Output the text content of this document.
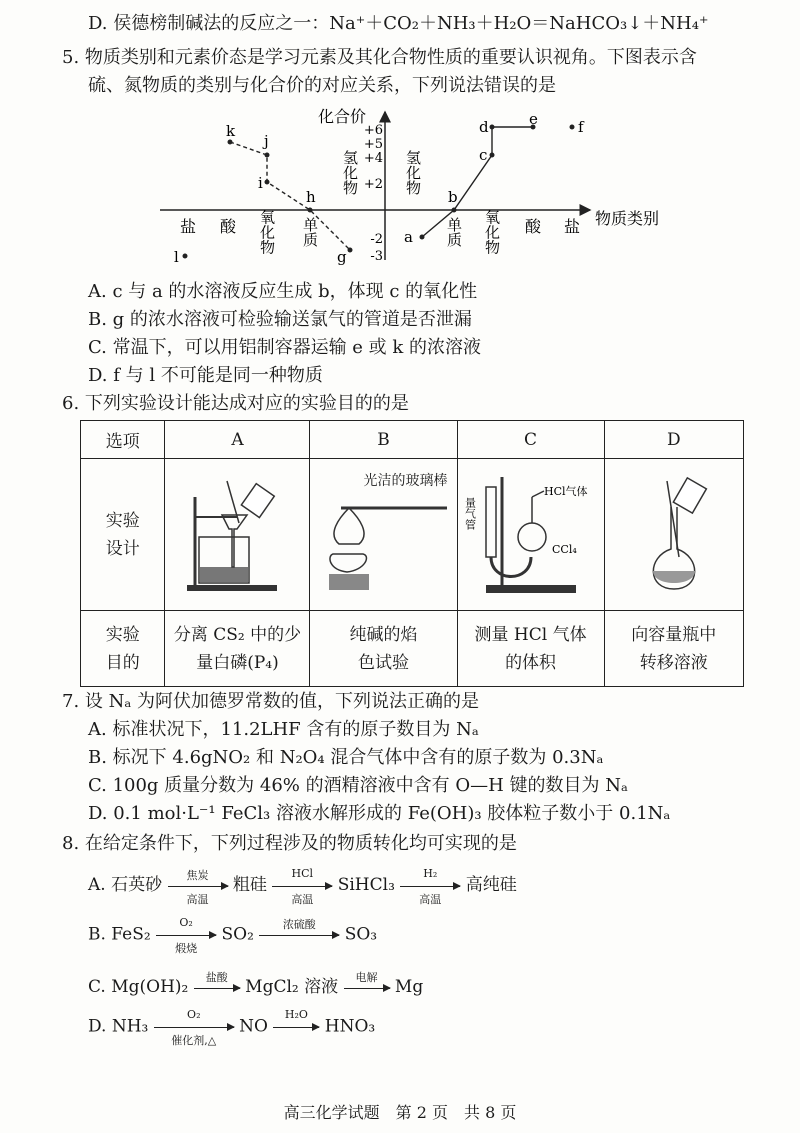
D. 侯德榜制碱法的反应之一：Na⁺＋CO₂＋NH₃＋H₂O＝NaHCO₃↓＋NH₄⁺
5. 物质类别和元素价态是学习元素及其化合物性质的重要认识视角。下图表示含
硫、氮物质的类别与化合价的对应关系，下列说法错误的是
化合价
物质类别
+6
+5
+4
+2
-2
-3
盐 酸 氧化物 单质	单质 氧化物 酸 盐
氢化物	氢化物
a
b
c
d	e	f
g
h
i
j
k
l
A. c 与 a 的水溶液反应生成 b，体现 c 的氧化性
B. g 的浓水溶液可检验输送氯气的管道是否泄漏
C. 常温下，可以用铝制容器运输 e 或 k 的浓溶液
D. f 与 l 不可能是同一种物质
6. 下列实验设计能达成对应的实验目的的是
选项	A	B	C	D

实验设计		光洁的玻璃棒	量气管
HCl气体
CCl₄

实验目的	分离 CS₂ 中的少量白磷(P₄)	纯碱的焰色试验	测量 HCl 气体的体积	向容量瓶中转移溶液
7. 设 Nₐ 为阿伏加德罗常数的值，下列说法正确的是
A. 标准状况下，11.2LHF 含有的原子数目为 Nₐ
B. 标况下 4.6gNO₂ 和 N₂O₄ 混合气体中含有的原子数为 0.3Nₐ
C. 100g 质量分数为 46% 的酒精溶液中含有 O—H 键的数目为 Nₐ
D. 0.1 mol·L⁻¹ FeCl₃ 溶液水解形成的 Fe(OH)₃ 胶体粒子数小于 0.1Nₐ
8. 在给定条件下，下列过程涉及的物质转化均可实现的是
A. 石英砂	焦炭
高温
粗硅
HCl
高温
SiHCl₃
H₂
高温
高纯硅
B. FeS₂
O₂
煅烧
SO₂	浓硫酸	SO₃
C. Mg(OH)₂	盐酸	MgCl₂ 溶液	电解	Mg
D. NH₃
O₂
催化剂,△
NO
H₂O
HNO₃
高三化学试题　第 2 页　共 8 页
